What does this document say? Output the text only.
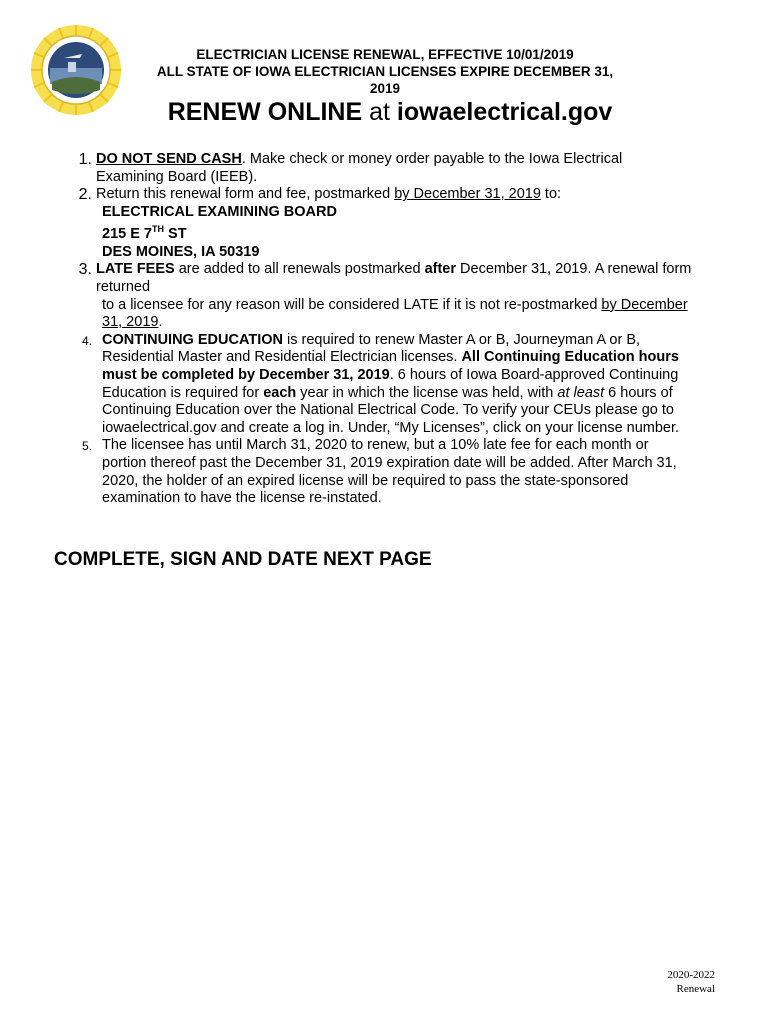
ELECTRICIAN LICENSE RENEWAL, EFFECTIVE 10/01/2019
ALL STATE OF IOWA ELECTRICIAN LICENSES EXPIRE DECEMBER 31, 2019
RENEW ONLINE at iowaelectrical.gov
1. DO NOT SEND CASH. Make check or money order payable to the Iowa Electrical
Examining Board (IEEB).
2. Return this renewal form and fee, postmarked by December 31, 2019 to:
ELECTRICAL EXAMINING BOARD
215 E 7TH ST
DES MOINES, IA 50319
3. LATE FEES are added to all renewals postmarked after December 31, 2019. A renewal form
returned
to a licensee for any reason will be considered LATE if it is not re-postmarked by December
31, 2019.
4. CONTINUING EDUCATION is required to renew Master A or B, Journeyman A or B,
Residential Master and Residential Electrician licenses. All Continuing Education hours
must be completed by December 31, 2019. 6 hours of Iowa Board-approved Continuing
Education is required for each year in which the license was held, with at least 6 hours of
Continuing Education over the National Electrical Code. To verify your CEUs please go to
iowaelectrical.gov and create a log in. Under, “My Licenses”, click on your license number.
5. The licensee has until March 31, 2020 to renew, but a 10% late fee for each month or
portion thereof past the December 31, 2019 expiration date will be added. After March 31,
2020, the holder of an expired license will be required to pass the state-sponsored
examination to have the license re-instated.
COMPLETE, SIGN AND DATE NEXT PAGE
2020-2022
Renewal
